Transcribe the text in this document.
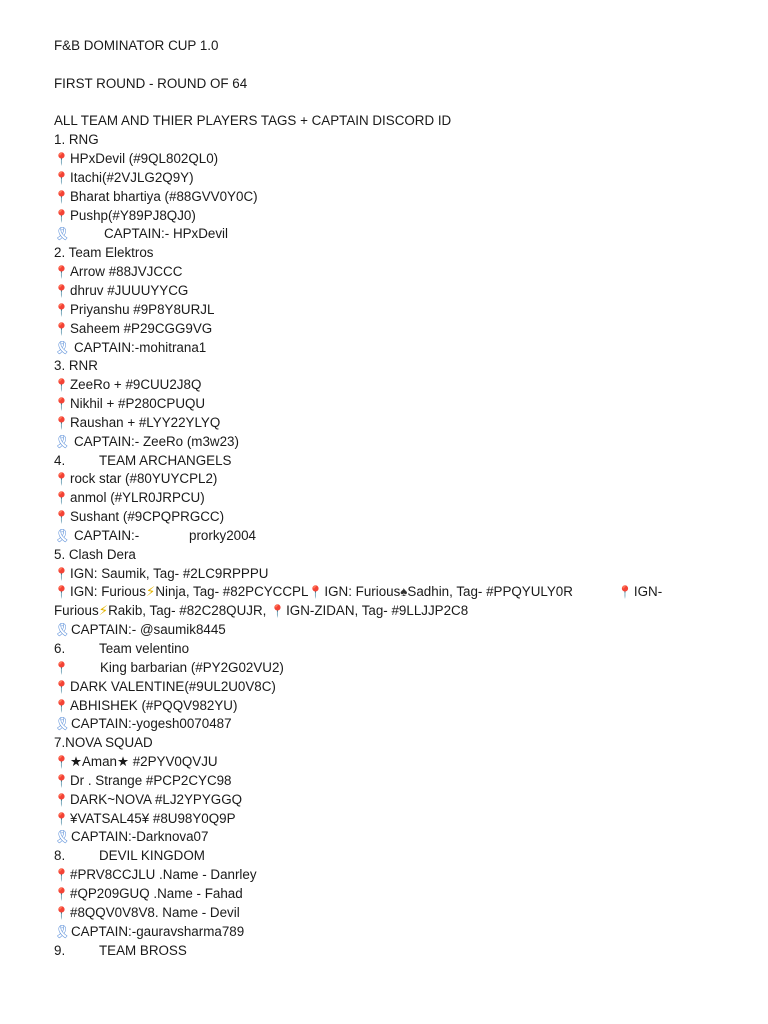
F&B DOMINATOR CUP 1.0
FIRST ROUND - ROUND OF 64
ALL TEAM AND THIER PLAYERS TAGS + CAPTAIN DISCORD ID
1. RNG
📍HPxDevil (#9QL802QL0)
📍Itachi(#2VJLG2Q9Y)
📍Bharat bhartiya (#88GVV0Y0C)
📍Pushp(#Y89PJ8QJ0)
🎗 CAPTAIN:- HPxDevil
2. Team Elektros
📍Arrow #88JVJCCC
📍dhruv #JUUUYYCG
📍Priyanshu #9P8Y8URJL
📍Saheem #P29CGG9VG
🎗 CAPTAIN:-mohitrana1
3. RNR
📍ZeeRo + #9CUU2J8Q
📍Nikhil + #P280CPUQU
📍Raushan + #LYY22YLYQ
🎗 CAPTAIN:- ZeeRo (m3w23)
4.	TEAM ARCHANGELS
📍rock star (#80YUYCPL2)
📍anmol (#YLR0JRPCU)
📍Sushant (#9CPQPRGCC)
🎗 CAPTAIN:-	prorky2004
5. Clash Dera
📍IGN: Saumik, Tag- #2LC9RPPPU
📍IGN: Furious⚡Ninja, Tag- #82PCYCCPL📍IGN: Furious♠Sadhin, Tag- #PPQYULY0R	📍IGN-
Furious⚡Rakib, Tag- #82C28QUJR, 📍IGN-ZIDAN, Tag- #9LLJJP2C8
🎗CAPTAIN:- @saumik8445
6.	Team velentino
📍 King barbarian (#PY2G02VU2)
📍DARK VALENTINE(#9UL2U0V8C)
📍ABHISHEK (#PQQV982YU)
🎗CAPTAIN:-yogesh0070487
7.NOVA SQUAD
📍★Aman★ #2PYV0QVJU
📍Dr . Strange #PCP2CYC98
📍DARK~NOVA #LJ2YPYGGQ
📍¥VATSAL45¥ #8U98Y0Q9P
🎗CAPTAIN:-Darknova07
8.	DEVIL KINGDOM
📍#PRV8CCJLU .Name - Danrley
📍#QP209GUQ .Name - Fahad
📍#8QQV0V8V8. Name - Devil
🎗CAPTAIN:-gauravsharma789
9.	TEAM BROSS
